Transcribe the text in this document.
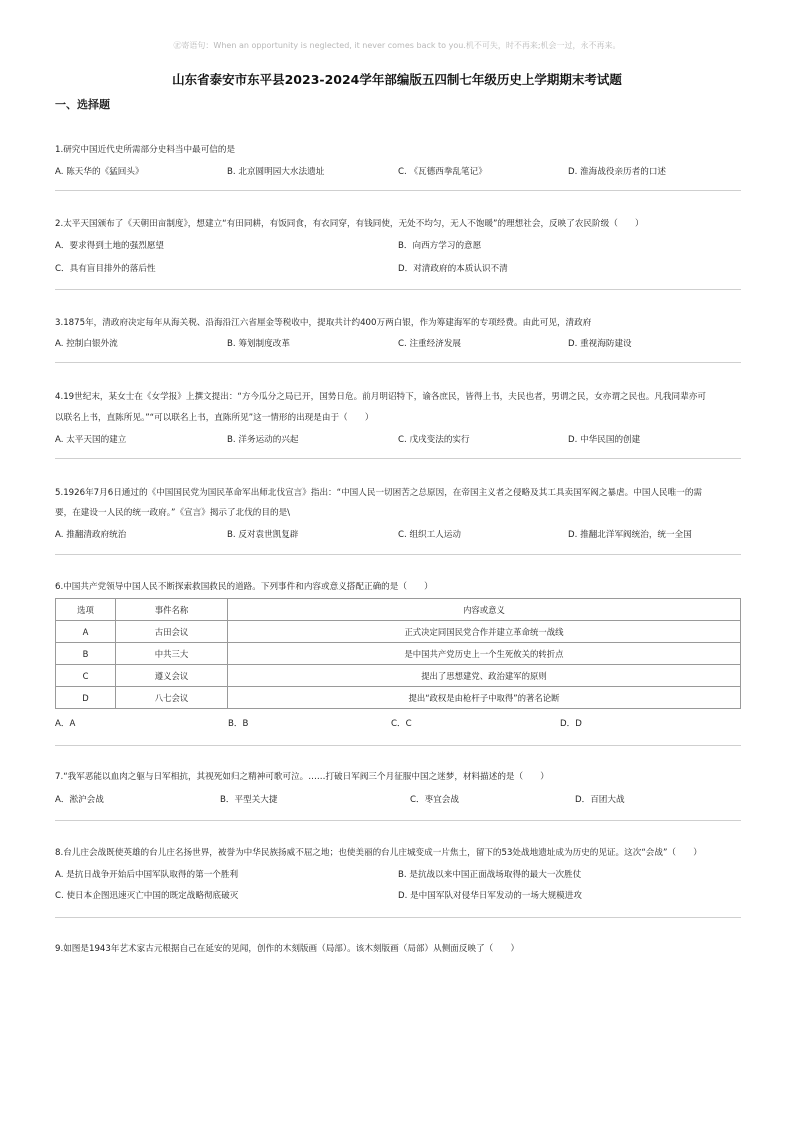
㊣寄语句：When an opportunity is neglected, it never comes back to you.机不可失，时不再来;机会一过，永不再来。
山东省泰安市东平县2023-2024学年部编版五四制七年级历史上学期期末考试题
一、选择题
1.研究中国近代史所需部分史料当中最可信的是
A. 陈天华的《猛回头》	B. 北京圆明园大水法遗址	C. 《瓦德西拳乱笔记》	D. 淮海战役亲历者的口述
2.太平天国颁布了《天朝田亩制度》，想建立“有田同耕，有饭同食，有衣同穿，有钱同使，无处不均匀，无人不饱暖”的理想社会，反映了农民阶级（　　）
A．要求得到土地的强烈愿望	B．向西方学习的意愿
C．具有盲目排外的落后性	D．对清政府的本质认识不清
3.1875年，清政府决定每年从海关税、沿海沿江六省厘金等税收中，提取共计约400万两白银，作为筹建海军的专项经费。由此可见，清政府
A. 控制白银外流	B. 筹划制度改革	C. 注重经济发展	D. 重视海防建设
4.19世纪末，某女士在《女学报》上撰文提出：“方今瓜分之局已开，国势日危。前月明诏特下，谕各庶民，皆得上书，夫民也者，男谓之民，女亦谓之民也。凡我同辈亦可
以联名上书，直陈所见。”“可以联名上书，直陈所见”这一情形的出现是由于（　　）
A. 太平天国的建立	B. 洋务运动的兴起	C. 戊戌变法的实行	D. 中华民国的创建
5.1926年7月6日通过的《中国国民党为国民革命军出师北伐宣言》指出：“中国人民一切困苦之总原因，在帝国主义者之侵略及其工具卖国军阀之暴虐。中国人民唯一的需
要，在建设一人民的统一政府。”《宣言》揭示了北伐的目的是\
A. 推翻清政府统治	B. 反对袁世凯复辟	C. 组织工人运动	D. 推翻北洋军阀统治，统一全国
6.中国共产党领导中国人民不断探索救国救民的道路。下列事件和内容或意义搭配正确的是（　　）
选项	事件名称	内容或意义
A	古田会议	正式决定同国民党合作并建立革命统一战线
B	中共三大	是中国共产党历史上一个生死攸关的转折点
C	遵义会议	提出了思想建党、政治建军的原则
D	八七会议	提出“政权是由枪杆子中取得”的著名论断
A．A	B．B	C．C	D．D
7.“我军恶能以血肉之躯与日军相抗，其视死如归之精神可歌可泣。……打破日军阀三个月征服中国之迷梦，材料描述的是（　　）
A．淞沪会战	B．平型关大捷	C．枣宜会战	D．百团大战
8.台儿庄会战既使英雄的台儿庄名扬世界，被誉为中华民族扬威不屈之地；也使美丽的台儿庄城变成一片焦土，留下的53处战地遗址成为历史的见证。这次“会战”（　　）
A. 是抗日战争开始后中国军队取得的第一个胜利	B. 是抗战以来中国正面战场取得的最大一次胜仗
C. 使日本企图迅速灭亡中国的既定战略彻底破灭	D. 是中国军队对侵华日军发动的一场大规模进攻
9.如图是1943年艺术家古元根据自己在延安的见闻，创作的木刻版画（局部）。该木刻版画（局部）从侧面反映了（　　）
